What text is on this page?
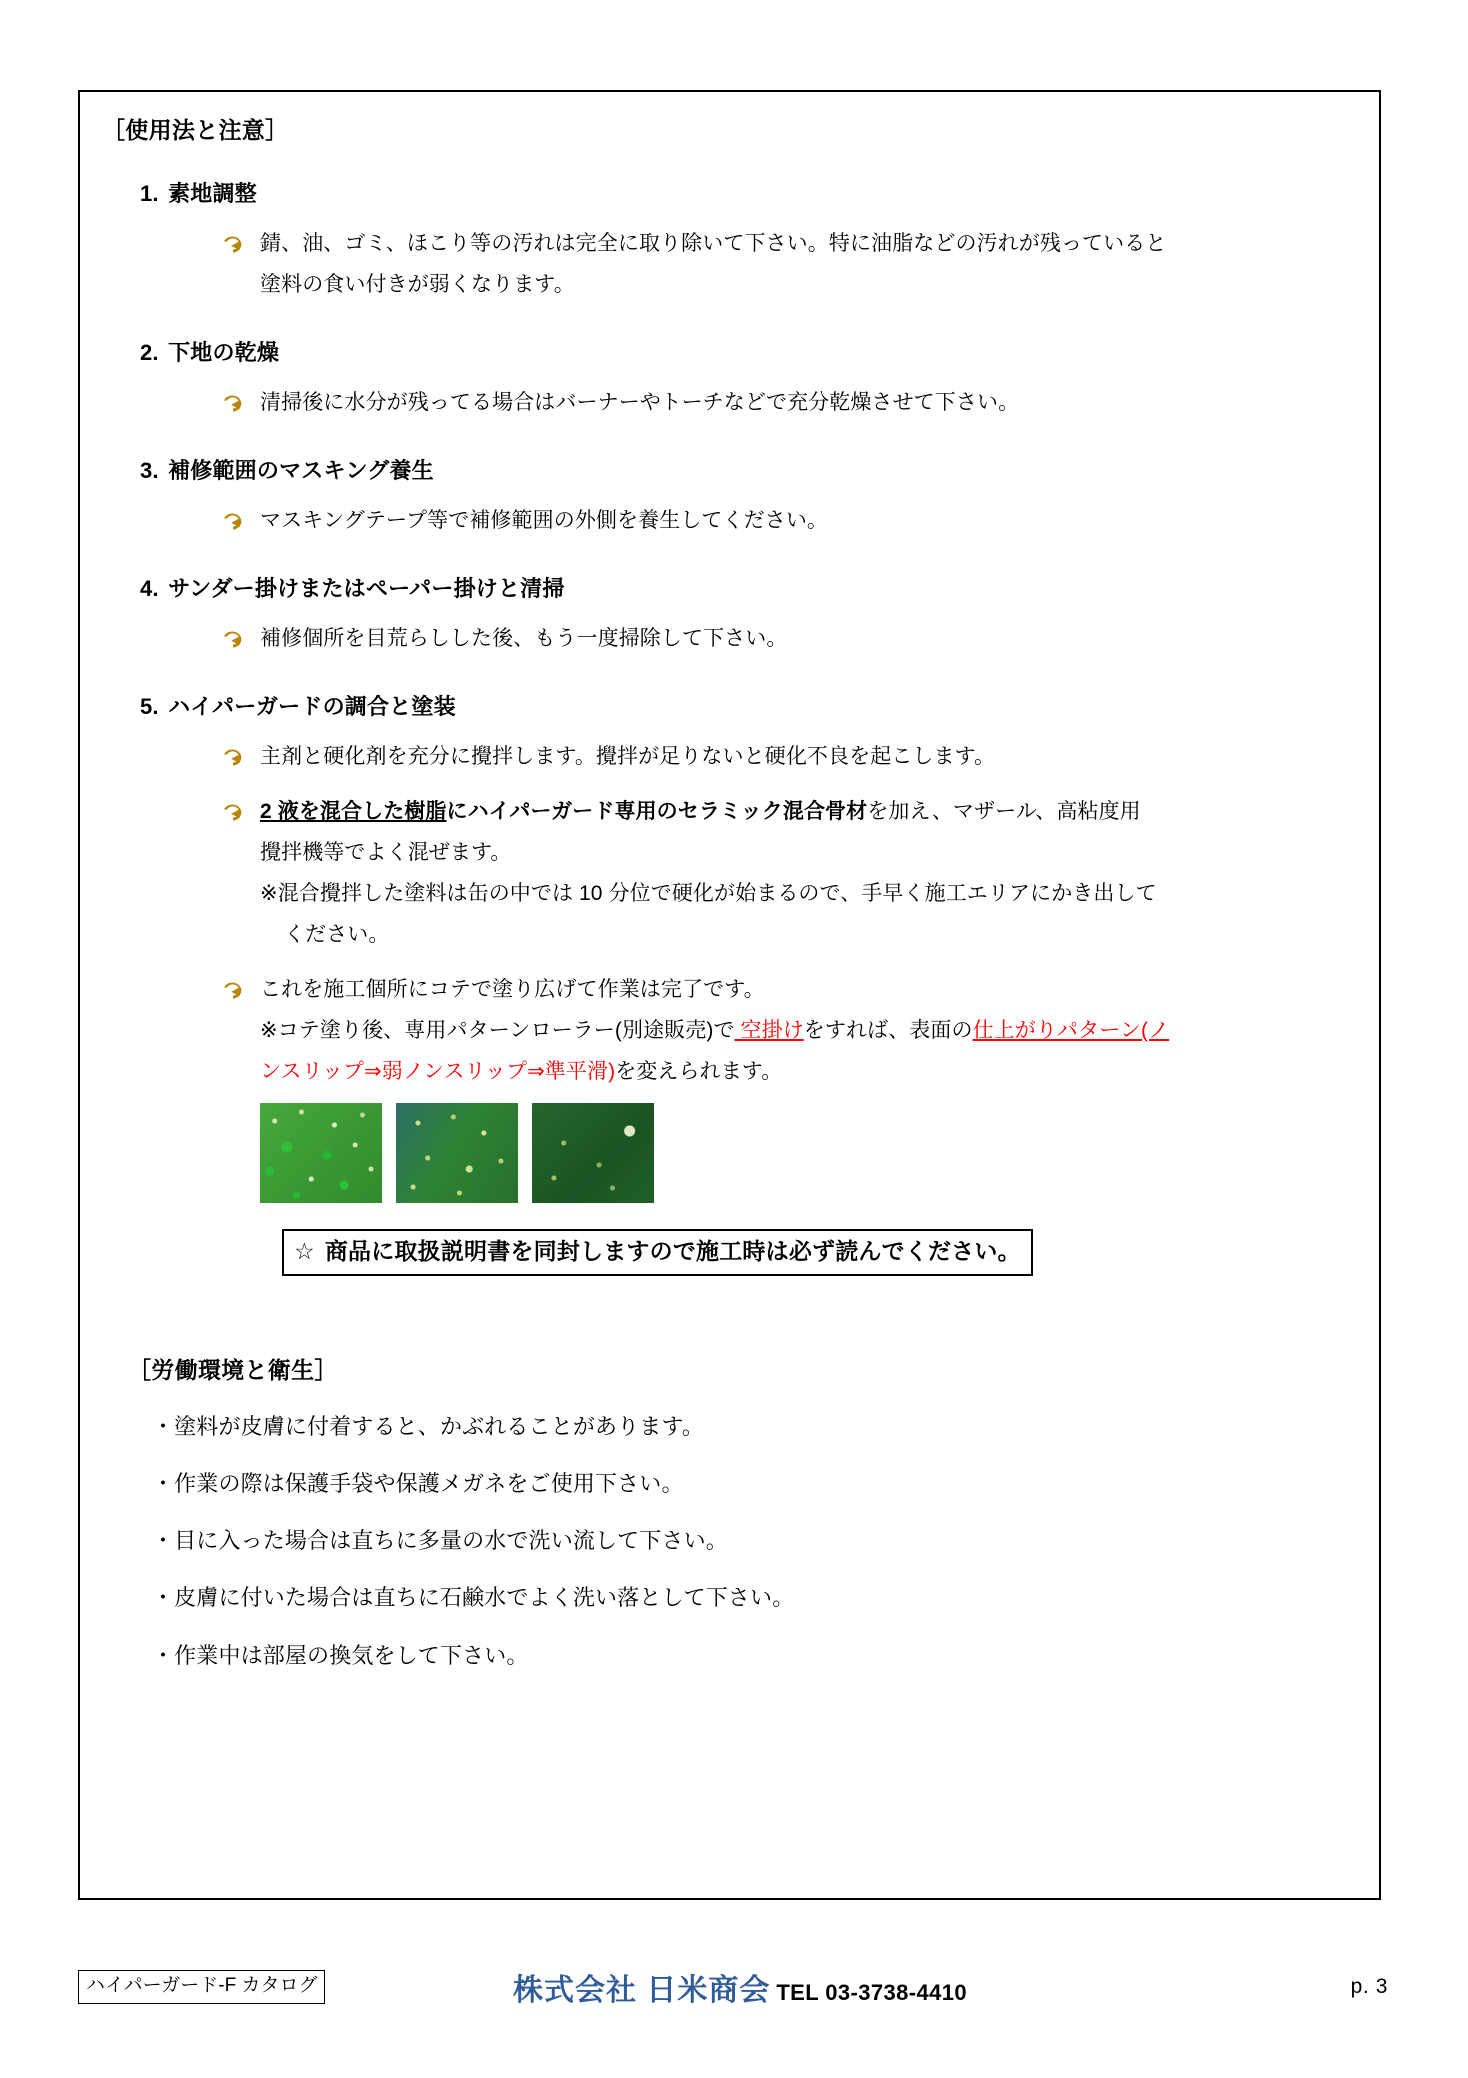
［使用法と注意］
1. 素地調整
錆、油、ゴミ、ほこり等の汚れは完全に取り除いて下さい。特に油脂などの汚れが残っていると
塗料の食い付きが弱くなります。
2. 下地の乾燥
清掃後に水分が残ってる場合はバーナーやトーチなどで充分乾燥させて下さい。
3. 補修範囲のマスキング養生
マスキングテープ等で補修範囲の外側を養生してください。
4. サンダー掛けまたはペーパー掛けと清掃
補修個所を目荒らしした後、もう一度掃除して下さい。
5. ハイパーガードの調合と塗装
主剤と硬化剤を充分に攪拌します。攪拌が足りないと硬化不良を起こします。
2 液を混合した樹脂にハイパーガード専用のセラミック混合骨材を加え、マザール、高粘度用
攪拌機等でよく混ぜます。
※混合攪拌した塗料は缶の中では 10 分位で硬化が始まるので、手早く施工エリアにかき出して
ください。
これを施工個所にコテで塗り広げて作業は完了です。
※コテ塗り後、専用パターンローラー(別途販売)で 空掛けをすれば、表面の仕上がりパターン(ノ
ンスリップ⇒弱ノンスリップ⇒準平滑)を変えられます。
☆ 商品に取扱説明書を同封しますので施工時は必ず読んでください。
［労働環境と衛生］
・塗料が皮膚に付着すると、かぶれることがあります。
・作業の際は保護手袋や保護メガネをご使用下さい。
・目に入った場合は直ちに多量の水で洗い流して下さい。
・皮膚に付いた場合は直ちに石鹸水でよく洗い落として下さい。
・作業中は部屋の換気をして下さい。
ハイパーガード-F カタログ	株式会社 日米商会 TEL 03-3738-4410	p. 3
